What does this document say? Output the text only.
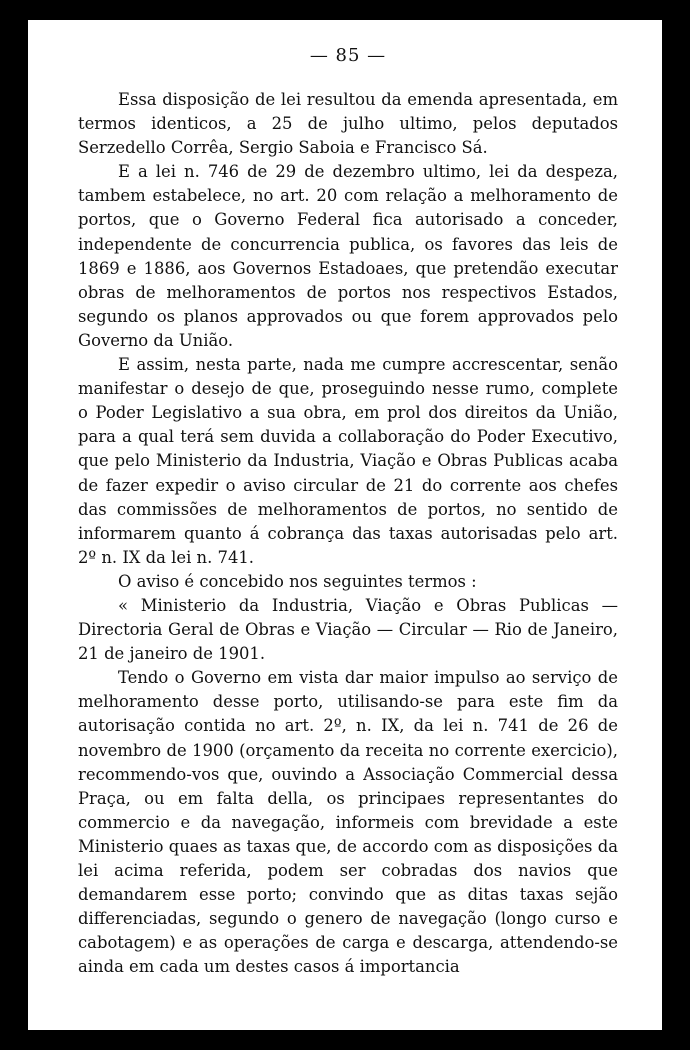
— 85 —

Essa disposição de lei resultou da emenda apresentada, em termos identicos, a 25 de julho ultimo, pelos deputados Serzedello Corrêa, Sergio Saboia e Francisco Sá.

E a lei n. 746 de 29 de dezembro ultimo, lei da despeza, tambem estabelece, no art. 20 com relação a melhoramento de portos, que o Governo Federal fica autorisado a conceder, independente de concurrencia publica, os favores das leis de 1869 e 1886, aos Governos Estadoaes, que pretendão executar obras de melhoramentos de portos nos respectivos Estados, segundo os planos approvados ou que forem approvados pelo Governo da União.

E assim, nesta parte, nada me cumpre accrescentar, senão manifestar o desejo de que, proseguindo nesse rumo, complete o Poder Legislativo a sua obra, em prol dos direitos da União, para a qual terá sem duvida a collaboração do Poder Executivo, que pelo Ministerio da Industria, Viação e Obras Publicas acaba de fazer expedir o aviso circular de 21 do corrente aos chefes das commissões de melhoramentos de portos, no sentido de informarem quanto á cobrança das taxas autorisadas pelo art. 2º n. IX da lei n. 741.

O aviso é concebido nos seguintes termos :

« Ministerio da Industria, Viação e Obras Publicas — Directoria Geral de Obras e Viação — Circular — Rio de Janeiro, 21 de janeiro de 1901.

Tendo o Governo em vista dar maior impulso ao serviço de melhoramento desse porto, utilisando-se para este fim da autorisação contida no art. 2º, n. IX, da lei n. 741 de 26 de novembro de 1900 (orçamento da receita no corrente exercicio), recommendo-vos que, ouvindo a Associação Commercial dessa Praça, ou em falta della, os principaes representantes do commercio e da navegação, informeis com brevidade a este Ministerio quaes as taxas que, de accordo com as disposições da lei acima referida, podem ser cobradas dos navios que demandarem esse porto; convindo que as ditas taxas sejão differenciadas, segundo o genero de navegação (longo curso e cabotagem) e as operações de carga e descarga, attendendo-se ainda em cada um destes casos á importancia
